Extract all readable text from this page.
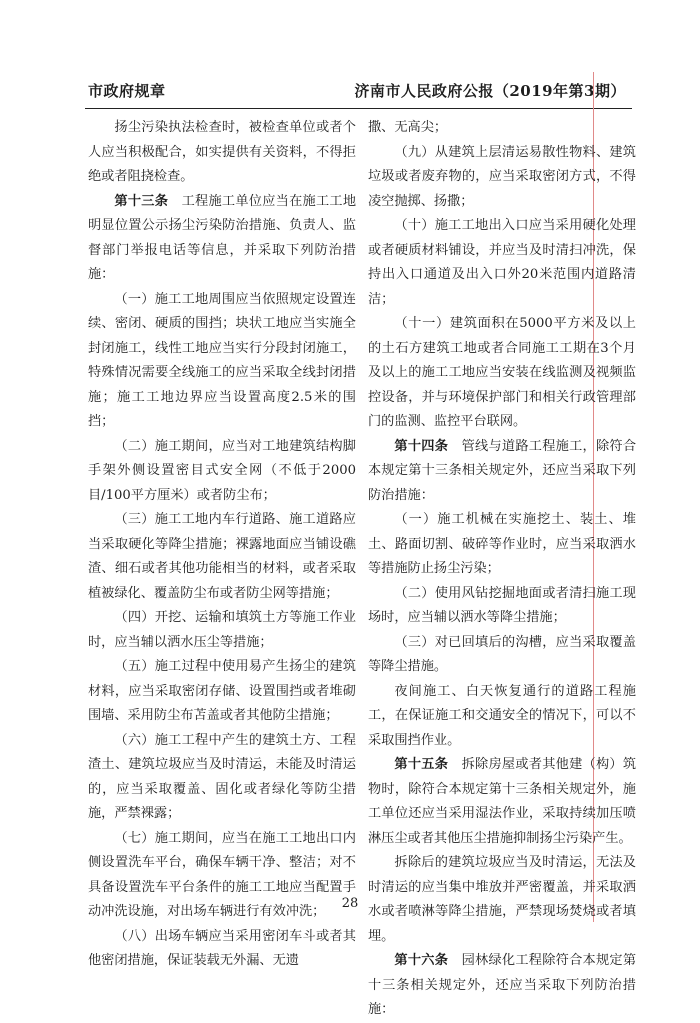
市政府规章	济南市人民政府公报（2019年第3期）

扬尘污染执法检查时，被检查单位或者个人应当积极配合，如实提供有关资料，不得拒绝或者阻挠检查。

第十三条　 工程施工单位应当在施工工地明显位置公示扬尘污染防治措施、负责人、监督部门举报电话等信息，并采取下列防治措施：

（一）施工工地周围应当依照规定设置连续、密闭、硬质的围挡；块状工地应当实施全封闭施工，线性工地应当实行分段封闭施工，特殊情况需要全线施工的应当采取全线封闭措施；施工工地边界应当设置高度2.5米的围挡；

（二）施工期间，应当对工地建筑结构脚手架外侧设置密目式安全网（不低于2000目/100平方厘米）或者防尘布；

（三）施工工地内车行道路、施工道路应当采取硬化等降尘措施；裸露地面应当铺设礁渣、细石或者其他功能相当的材料，或者采取植被绿化、覆盖防尘布或者防尘网等措施；

（四）开挖、运输和填筑土方等施工作业时，应当辅以洒水压尘等措施；

（五）施工过程中使用易产生扬尘的建筑材料，应当采取密闭存储、设置围挡或者堆砌围墙、采用防尘布苫盖或者其他防尘措施；

（六）施工工程中产生的建筑土方、工程渣土、建筑垃圾应当及时清运，未能及时清运的，应当采取覆盖、固化或者绿化等防尘措施，严禁裸露；

（七）施工期间，应当在施工工地出口内侧设置洗车平台，确保车辆干净、整洁；对不具备设置洗车平台条件的施工工地应当配置手动冲洗设施，对出场车辆进行有效冲洗；

（八）出场车辆应当采用密闭车斗或者其他密闭措施，保证装载无外漏、无遗

撒、无高尖；

（九）从建筑上层清运易散性物料、建筑垃圾或者废弃物的，应当采取密闭方式，不得凌空抛掷、扬撒；

（十）施工工地出入口应当采用硬化处理或者硬质材料铺设，并应当及时清扫冲洗，保持出入口通道及出入口外20米范围内道路清洁；

（十一）建筑面积在5000平方米及以上的土石方建筑工地或者合同施工工期在3个月及以上的施工工地应当安装在线监测及视频监控设备，并与环境保护部门和相关行政管理部门的监测、监控平台联网。

第十四条　 管线与道路工程施工，除符合本规定第十三条相关规定外，还应当采取下列防治措施：

（一）施工机械在实施挖土、装土、堆土、路面切割、破碎等作业时，应当采取洒水等措施防止扬尘污染；

（二）使用风钻挖掘地面或者清扫施工现场时，应当辅以洒水等降尘措施；

（三）对已回填后的沟槽，应当采取覆盖等降尘措施。

夜间施工、白天恢复通行的道路工程施工，在保证施工和交通安全的情况下，可以不采取围挡作业。

第十五条　 拆除房屋或者其他建（构）筑物时，除符合本规定第十三条相关规定外，施工单位还应当采用湿法作业，采取持续加压喷淋压尘或者其他压尘措施抑制扬尘污染产生。

拆除后的建筑垃圾应当及时清运，无法及时清运的应当集中堆放并严密覆盖，并采取洒水或者喷淋等降尘措施，严禁现场焚烧或者填埋。

第十六条　 园林绿化工程除符合本规定第十三条相关规定外，还应当采取下列防治措施：

28
